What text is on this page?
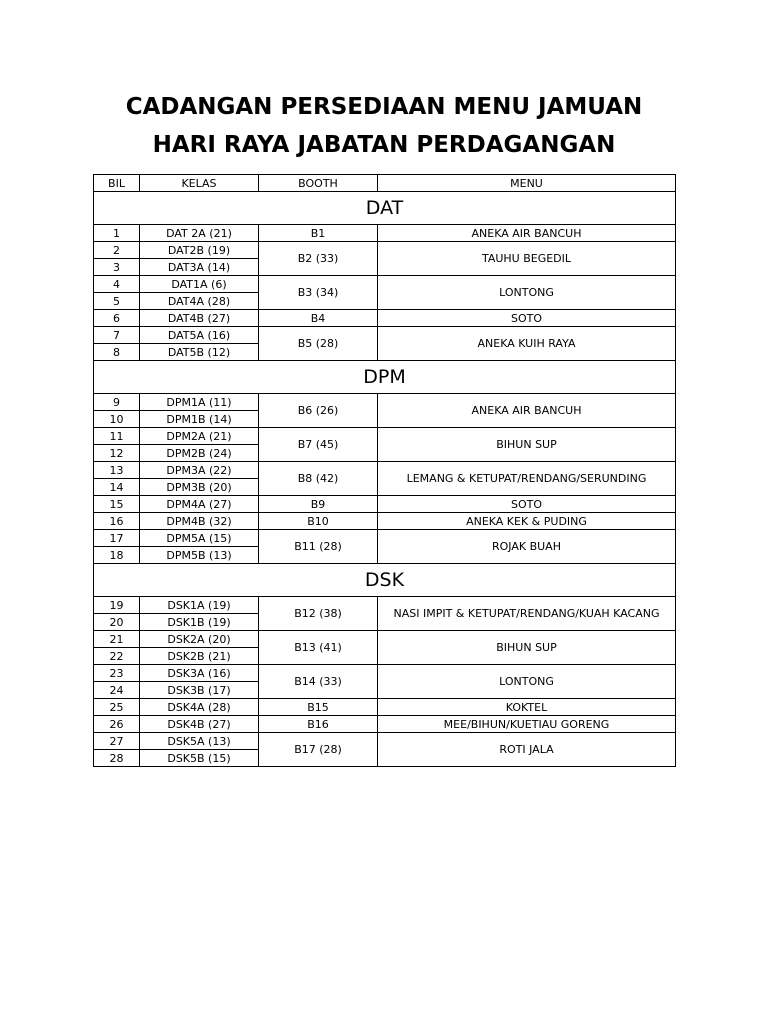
CADANGAN PERSEDIAAN MENU JAMUAN
HARI RAYA JABATAN PERDAGANGAN
BIL	KELAS	BOOTH	MENU
DAT			
1	DAT 2A (21)	B1	ANEKA AIR BANCUH
2	DAT2B (19)	B2 (33)	TAUHU BEGEDIL
3	DAT3A (14)		
4	DAT1A (6)	B3 (34)	LONTONG
5	DAT4A (28)		
6	DAT4B (27)	B4	SOTO
7	DAT5A (16)	B5 (28)	ANEKA KUIH RAYA
8	DAT5B (12)		
DPM			
9	DPM1A (11)	B6 (26)	ANEKA AIR BANCUH
10	DPM1B (14)		
11	DPM2A (21)	B7 (45)	BIHUN SUP
12	DPM2B (24)		
13	DPM3A (22)	B8 (42)	LEMANG & KETUPAT/RENDANG/SERUNDING
14	DPM3B (20)		
15	DPM4A (27)	B9	SOTO
16	DPM4B (32)	B10	ANEKA KEK & PUDING
17	DPM5A (15)	B11 (28)	ROJAK BUAH
18	DPM5B (13)		
DSK			
19	DSK1A (19)	B12 (38)	NASI IMPIT & KETUPAT/RENDANG/KUAH KACANG
20	DSK1B (19)		
21	DSK2A (20)	B13 (41)	BIHUN SUP
22	DSK2B (21)		
23	DSK3A (16)	B14 (33)	LONTONG
24	DSK3B (17)		
25	DSK4A (28)	B15	KOKTEL
26	DSK4B (27)	B16	MEE/BIHUN/KUETIAU GORENG
27	DSK5A (13)	B17 (28)	ROTI JALA
28	DSK5B (15)		
